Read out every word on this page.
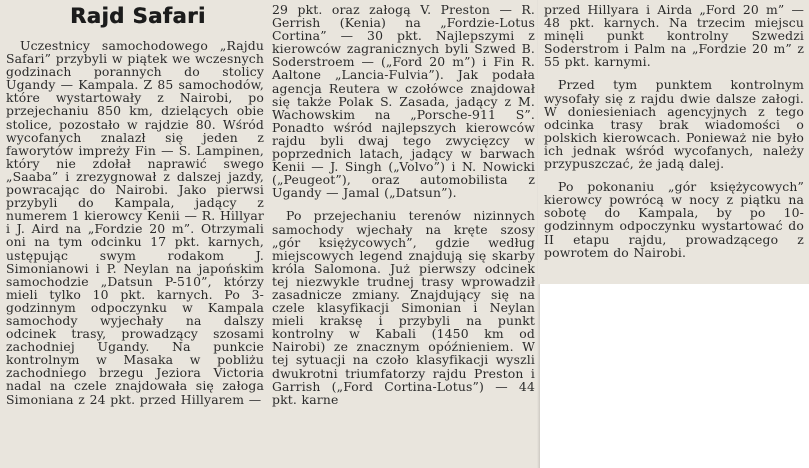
Rajd Safari

Uczestnicy samochodowego „Rajdu Safari” przybyli w piątek we wczesnych godzinach porannych do stolicy Ugandy — Kampala. Z 85 samochodów, które wystartowały z Nairobi, po przejechaniu 850 km, dzielących obie stolice, pozostało w rajdzie 80. Wśród wycofanych znalazł się jeden z faworytów impreży Fin — S. Lampinen, który nie zdołał naprawić swego „Saaba” i zrezygnował z dalszej jazdy, powracając do Nairobi. Jako pierwsi przybyli do Kampala, jadący z numerem 1 kierowcy Kenii — R. Hillyar i J. Aird na „Fordzie 20 m”. Otrzymali oni na tym odcinku 17 pkt. karnych, ustępując swym rodakom J. Simonianowi i P. Neylan na japońskim samochodzie „Datsun P-510”, którzy mieli tylko 10 pkt. karnych. Po 3-godzinnym odpoczynku w Kampala samochody wyjechały na dalszy odcinek trasy, prowadzący szosami zachodniej Ugandy. Na punkcie kontrolnym w Masaka w pobliżu zachodniego brzegu Jeziora Victoria nadal na czele znajdowała się załoga Simoniana z 24 pkt. przed Hillyarem —

29 pkt. oraz załogą V. Preston — R. Gerrish (Kenia) na „Fordzie-Lotus Cortina” — 30 pkt. Najlepszymi z kierowców zagranicznych byli Szwed B. Soderstroem — („Ford 20 m”) i Fin R. Aaltone „Lancia-Fulvia”). Jak podała agencja Reutera w czołówce znajdował się także Polak S. Zasada, jadący z M. Wachowskim na „Porsche-911 S”. Ponadto wśród najlepszych kierowców rajdu byli dwaj tego zwycięzcy w poprzednich latach, jadący w barwach Kenii — J. Singh („Volvo”) i N. Nowicki („Peugeot”), oraz automobilista z Ugandy — Jamal („Datsun”).

Po przejechaniu terenów nizinnych samochody wjechały na kręte szosy „gór księżycowych”, gdzie według miejscowych legend znajdują się skarby króla Salomona. Już pierwszy odcinek tej niezwykle trudnej trasy wprowadził zasadnicze zmiany. Znajdujący się na czele klasyfikacji Simonian i Neylan mieli kraksę i przybyli na punkt kontrolny w Kabali (1450 km od Nairobi) ze znacznym opóźnieniem. W tej sytuacji na czoło klasyfikacji wyszli dwukrotni triumfatorzy rajdu Preston i Garrish („Ford Cortina-Lotus”) — 44 pkt. karne

przed Hillyara i Airda „Ford 20 m” — 48 pkt. karnych. Na trzecim miejscu minęli punkt kontrolny Szwedzi Soderstrom i Palm na „Fordzie 20 m” z 55 pkt. karnymi.

Przed tym punktem kontrolnym wysofały się z rajdu dwie dalsze załogi. W doniesieniach agencyjnych z tego odcinka trasy brak wiadomości o polskich kierowcach. Ponieważ nie było ich jednak wśród wycofanych, należy przypuszczać, że jadą dalej.

Po pokonaniu „gór księżycowych” kierowcy powrócą w nocy z piątku na sobotę do Kampala, by po 10-godzinnym odpoczynku wystartować do II etapu rajdu, prowadzącego z powrotem do Nairobi.
